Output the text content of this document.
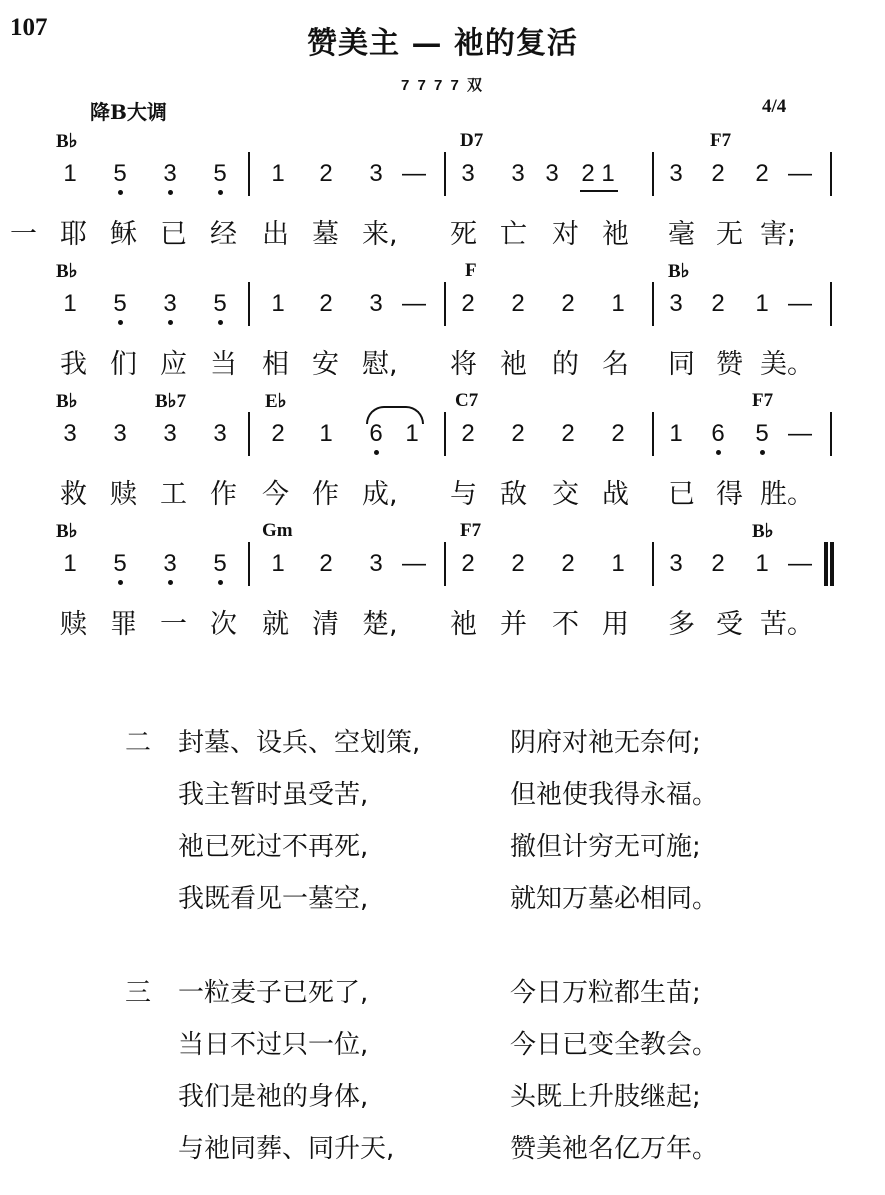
107	赞美主 — 祂的复活
7 7 7 7 双
降B大调	4/4
B♭	D7	F7
1 5 3 5 1 2 3 — 3 3 3 2 1 3 2 2 —
一 耶 稣 已 经 出 墓 来, 死 亡 对 祂 毫 无 害;
B♭	F	B♭
1 5 3 5 1 2 3 — 2 2 2 1 3 2 1 —
我 们 应 当 相 安 慰, 将 祂 的 名 同 赞 美。
B♭	B♭7	E♭	C7	F7
3 3 3 3 2 1 6 1 2 2 2 2 1 6 5 —
救 赎 工 作 今 作 成, 与 敌 交 战 已 得 胜。
B♭	Gm	F7	B♭
1 5 3 5 1 2 3 — 2 2 2 1 3 2 1 —
赎 罪 一 次 就 清 楚, 祂 并 不 用 多 受 苦。
二 封墓、设兵、空划策,	阴府对祂无奈何;
我主暂时虽受苦,	但祂使我得永福。
祂已死过不再死,	撤但计穷无可施;
我既看见一墓空,	就知万墓必相同。
三 一粒麦子已死了,	今日万粒都生苗;
当日不过只一位,	今日已变全教会。
我们是祂的身体,	头既上升肢继起;
与祂同葬、同升天,	赞美祂名亿万年。
